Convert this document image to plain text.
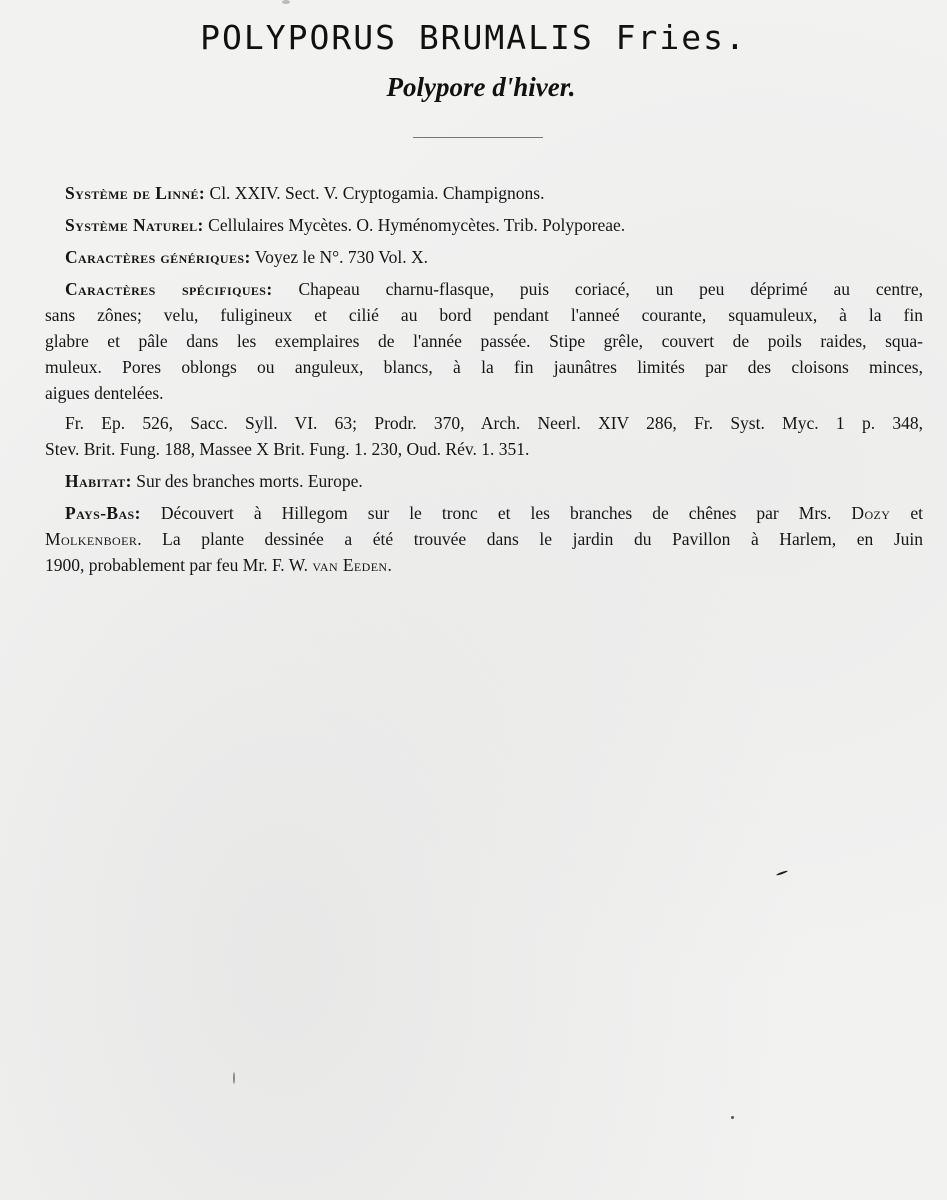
POLYPORUS BRUMALIS Fries.
Polypore d'hiver.

Système de Linné: Cl. XXIV. Sect. V. Cryptogamia. Champignons.

Système Naturel: Cellulaires Mycètes. O. Hyménomycètes. Trib. Polyporeae.

Caractères génériques: Voyez le N°. 730 Vol. X.

Caractères spécifiques: Chapeau charnu-flasque, puis coriacé, un peu déprimé au centre,
sans zônes; velu, fuligineux et cilié au bord pendant l'anneé courante, squamuleux, à la fin
glabre et pâle dans les exemplaires de l'année passée. Stipe grêle, couvert de poils raides, squa-
muleux. Pores oblongs ou anguleux, blancs, à la fin jaunâtres limités par des cloisons minces,
aigues dentelées.
Fr. Ep. 526, Sacc. Syll. VI. 63; Prodr. 370, Arch. Neerl. XIV 286, Fr. Syst. Myc. 1 p. 348,
Stev. Brit. Fung. 188, Massee X Brit. Fung. 1. 230, Oud. Rév. 1. 351.

Habitat: Sur des branches morts. Europe.

Pays-Bas: Découvert à Hillegom sur le tronc et les branches de chênes par Mrs. Dozy et
Molkenboer. La plante dessinée a été trouvée dans le jardin du Pavillon à Harlem, en Juin
1900, probablement par feu Mr. F. W. van Eeden.
